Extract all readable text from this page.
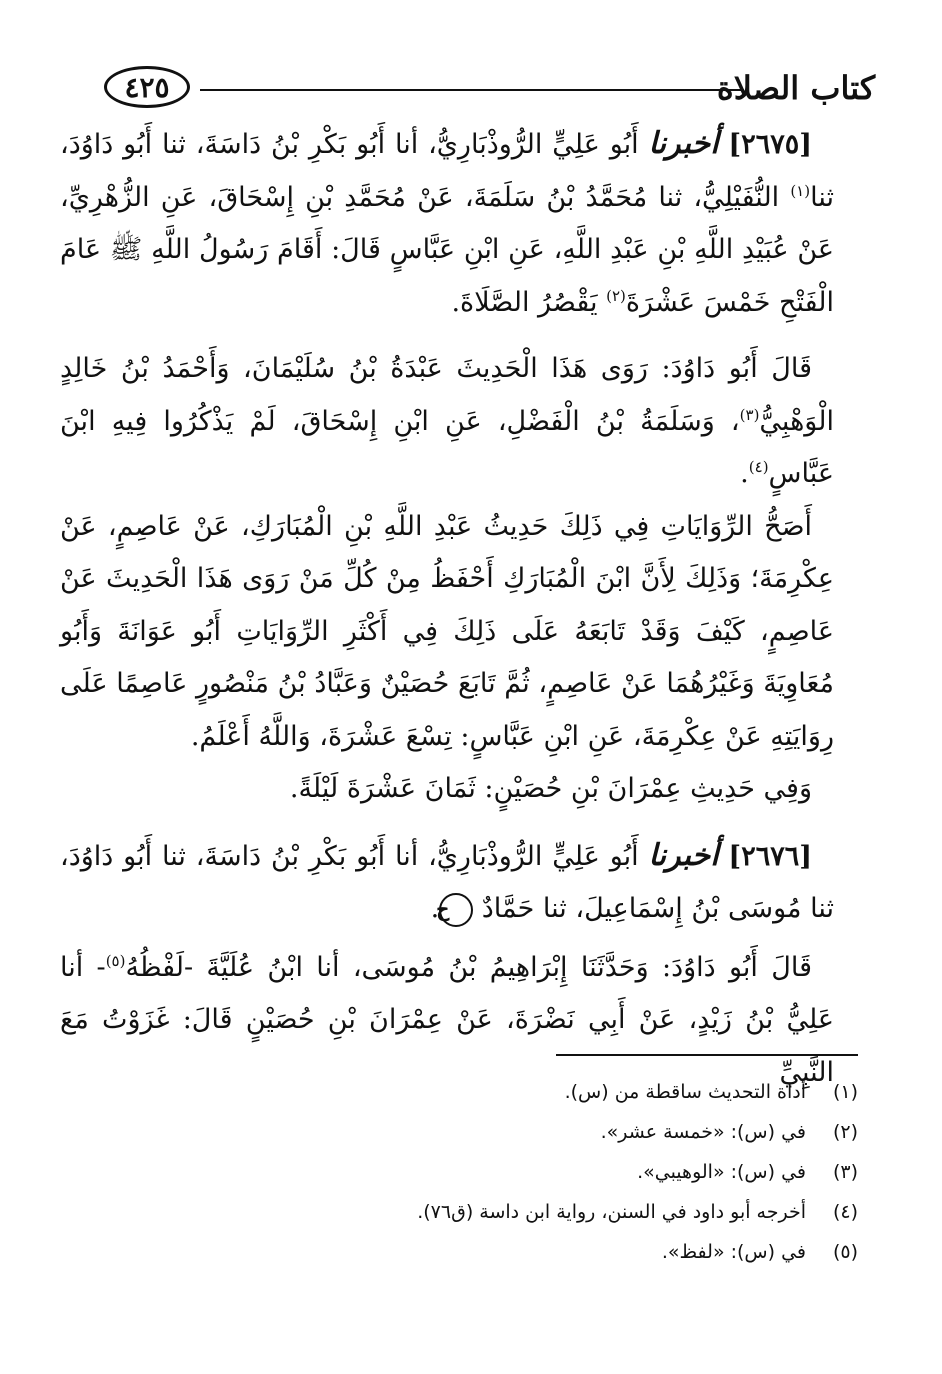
٤٢٥	كتاب الصلاة

[٢٦٧٥] أخبرنا أَبُو عَلِيٍّ الرُّوذْبَارِيُّ، أنا أَبُو بَكْرِ بْنُ دَاسَةَ، ثنا أَبُو دَاوُدَ، ثنا$^{(١)}$ النُّفَيْلِيُّ، ثنا مُحَمَّدُ بْنُ سَلَمَةَ، عَنْ مُحَمَّدِ بْنِ إِسْحَاقَ، عَنِ الزُّهْرِيِّ، عَنْ عُبَيْدِ اللَّهِ بْنِ عَبْدِ اللَّهِ، عَنِ ابْنِ عَبَّاسٍ قَالَ: أَقَامَ رَسُولُ اللَّهِ ﷺ عَامَ الْفَتْحِ خَمْسَ عَشْرَةَ$^{(٢)}$ يَقْصُرُ الصَّلَاةَ.

قَالَ أَبُو دَاوُدَ: رَوَى هَذَا الْحَدِيثَ عَبْدَةُ بْنُ سُلَيْمَانَ، وَأَحْمَدُ بْنُ خَالِدٍ الْوَهْبِيُّ$^{(٣)}$، وَسَلَمَةُ بْنُ الْفَضْلِ، عَنِ ابْنِ إِسْحَاقَ، لَمْ يَذْكُرُوا فِيهِ ابْنَ عَبَّاسٍ$^{(٤)}$.

أَصَحُّ الرِّوَايَاتِ فِي ذَلِكَ حَدِيثُ عَبْدِ اللَّهِ بْنِ الْمُبَارَكِ، عَنْ عَاصِمٍ، عَنْ عِكْرِمَةَ؛ وَذَلِكَ لِأَنَّ ابْنَ الْمُبَارَكِ أَحْفَظُ مِنْ كُلِّ مَنْ رَوَى هَذَا الْحَدِيثَ عَنْ عَاصِمٍ، كَيْفَ وَقَدْ تَابَعَهُ عَلَى ذَلِكَ فِي أَكْثَرِ الرِّوَايَاتِ أَبُو عَوَانَةَ وَأَبُو مُعَاوِيَةَ وَغَيْرُهُمَا عَنْ عَاصِمٍ، ثُمَّ تَابَعَ حُصَيْنٌ وَعَبَّادُ بْنُ مَنْصُورٍ عَاصِمًا عَلَى رِوَايَتِهِ عَنْ عِكْرِمَةَ، عَنِ ابْنِ عَبَّاسٍ: تِسْعَ عَشْرَةَ، وَاللَّهُ أَعْلَمُ.

وَفِي حَدِيثِ عِمْرَانَ بْنِ حُصَيْنٍ: ثَمَانَ عَشْرَةَ لَيْلَةً.

[٢٦٧٦] أخبرنا أَبُو عَلِيٍّ الرُّوذْبَارِيُّ، أنا أَبُو بَكْرِ بْنُ دَاسَةَ، ثنا أَبُو دَاوُدَ، ثنا مُوسَى بْنُ إِسْمَاعِيلَ، ثنا حَمَّادٌ ح.

قَالَ أَبُو دَاوُدَ: وَحَدَّثَنَا إِبْرَاهِيمُ بْنُ مُوسَى، أنا ابْنُ عُلَيَّةَ -لَفْظُهُ$^{(٥)}$- أنا عَلِيُّ بْنُ زَيْدٍ، عَنْ أَبِي نَضْرَةَ، عَنْ عِمْرَانَ بْنِ حُصَيْنٍ قَالَ: غَزَوْتُ مَعَ النَّبِيِّ

(١)أداة التحديث ساقطة من (س).
(٢)في (س): «خمسة عشر».
(٣)في (س): «الوهيبي».
(٤)أخرجه أبو داود في السنن، رواية ابن داسة (ق٧٦).
(٥)في (س): «لفظ».
